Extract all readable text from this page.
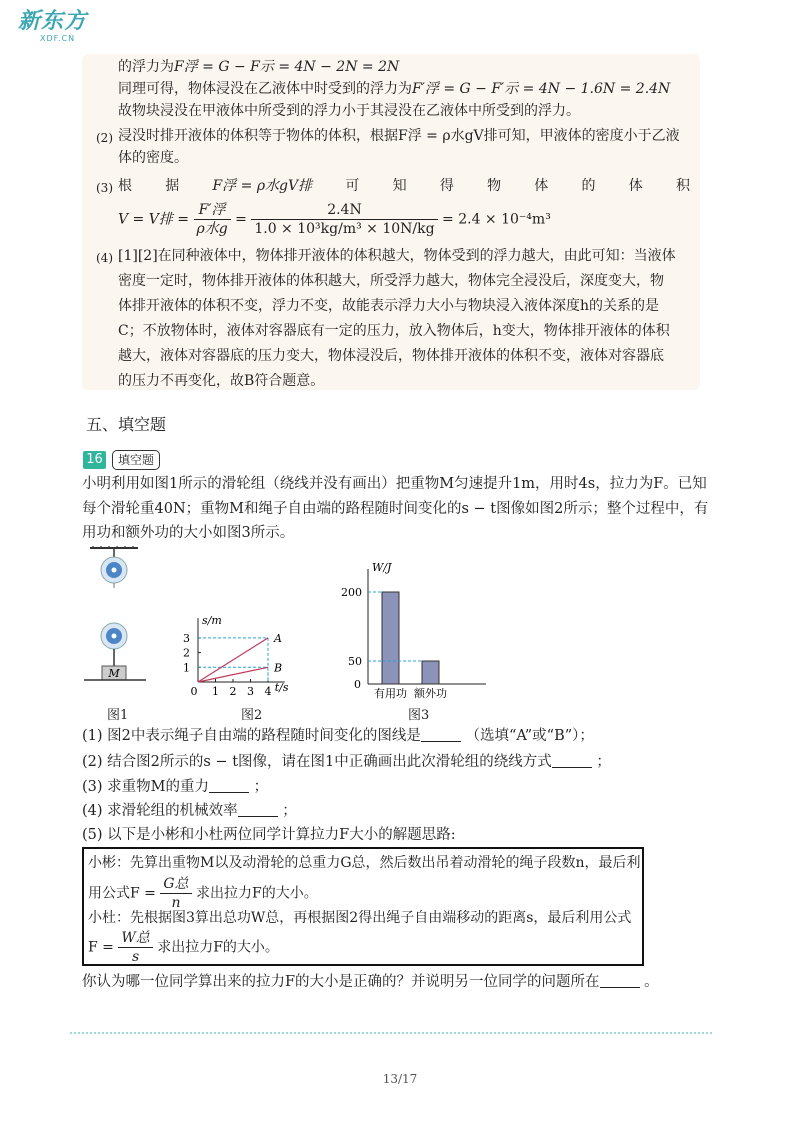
新东方
XDF.CN
的浮力为F浮 = G − F示 = 4N − 2N = 2N
同理可得，物体浸没在乙液体中时受到的浮力为F′浮 = G − F′示 = 4N − 1.6N = 2.4N
故物块浸没在甲液体中所受到的浮力小于其浸没在乙液体中所受到的浮力。
(2) 浸没时排开液体的体积等于物体的体积，根据F浮 = ρ水gV排可知，甲液体的密度小于乙液
体的密度。
(3) 根 据 F浮 = ρ水gV排 可 知 得 物 体 的 体 积
V = V排 = $\frac{\text{F′浮}}{\text{ρ水g}} = \frac{2.4N}{\text{1.0 × 10³kg/m³ × 10N/kg}} = 2.4 \times 10^{-4}m^3$
(4) [1][2]在同种液体中，物体排开液体的体积越大，物体受到的浮力越大，由此可知：当液体
密度一定时，物体排开液体的体积越大，所受浮力越大，物体完全浸没后，深度变大，物
体排开液体的体积不变，浮力不变，故能表示浮力大小与物块浸入液体深度h的关系的是
C；不放物体时，液体对容器底有一定的压力，放入物体后，h变大，物体排开液体的体积
越大，液体对容器底的压力变大，物体浸没后，物体排开液体的体积不变，液体对容器底
的压力不再变化，故B符合题意。
五、填空题
16	填空题
小明利用如图1所示的滑轮组（绕线并没有画出）把重物M匀速提升1m，用时4s，拉力为F。已知
每个滑轮重40N；重物M和绳子自由端的路程随时间变化的s − t图像如图2所示；整个过程中，有
用功和额外功的大小如图3所示。
M
图1
s/m
t/s
0 1 2 3 4
1
2
3	A
B
图2
W/J
0
50
200
有用功 额外功
图3
(1) 图2中表示绳子自由端的路程随时间变化的图线是	（选填“A”或“B”）；
(2) 结合图2所示的s − t图像，请在图1中正确画出此次滑轮组的绕线方式	；
(3) 求重物M的重力	；
(4) 求滑轮组的机械效率	；
(5) 以下是小彬和小杜两位同学计算拉力F大小的解题思路:
小彬：先算出重物M以及动滑轮的总重力G总，然后数出吊着动滑轮的绳子段数n，最后利
用公式$F = \frac{\text{G总}}{n}$ 求出拉力F的大小。
小杜：先根据图3算出总功W总，再根据图2得出绳子自由端移动的距离s，最后利用公式
$F = \frac{\text{W总}}{s}$ 求出拉力F的大小。
你认为哪一位同学算出来的拉力F的大小是正确的？并说明另一位同学的问题所在	。
13/17
